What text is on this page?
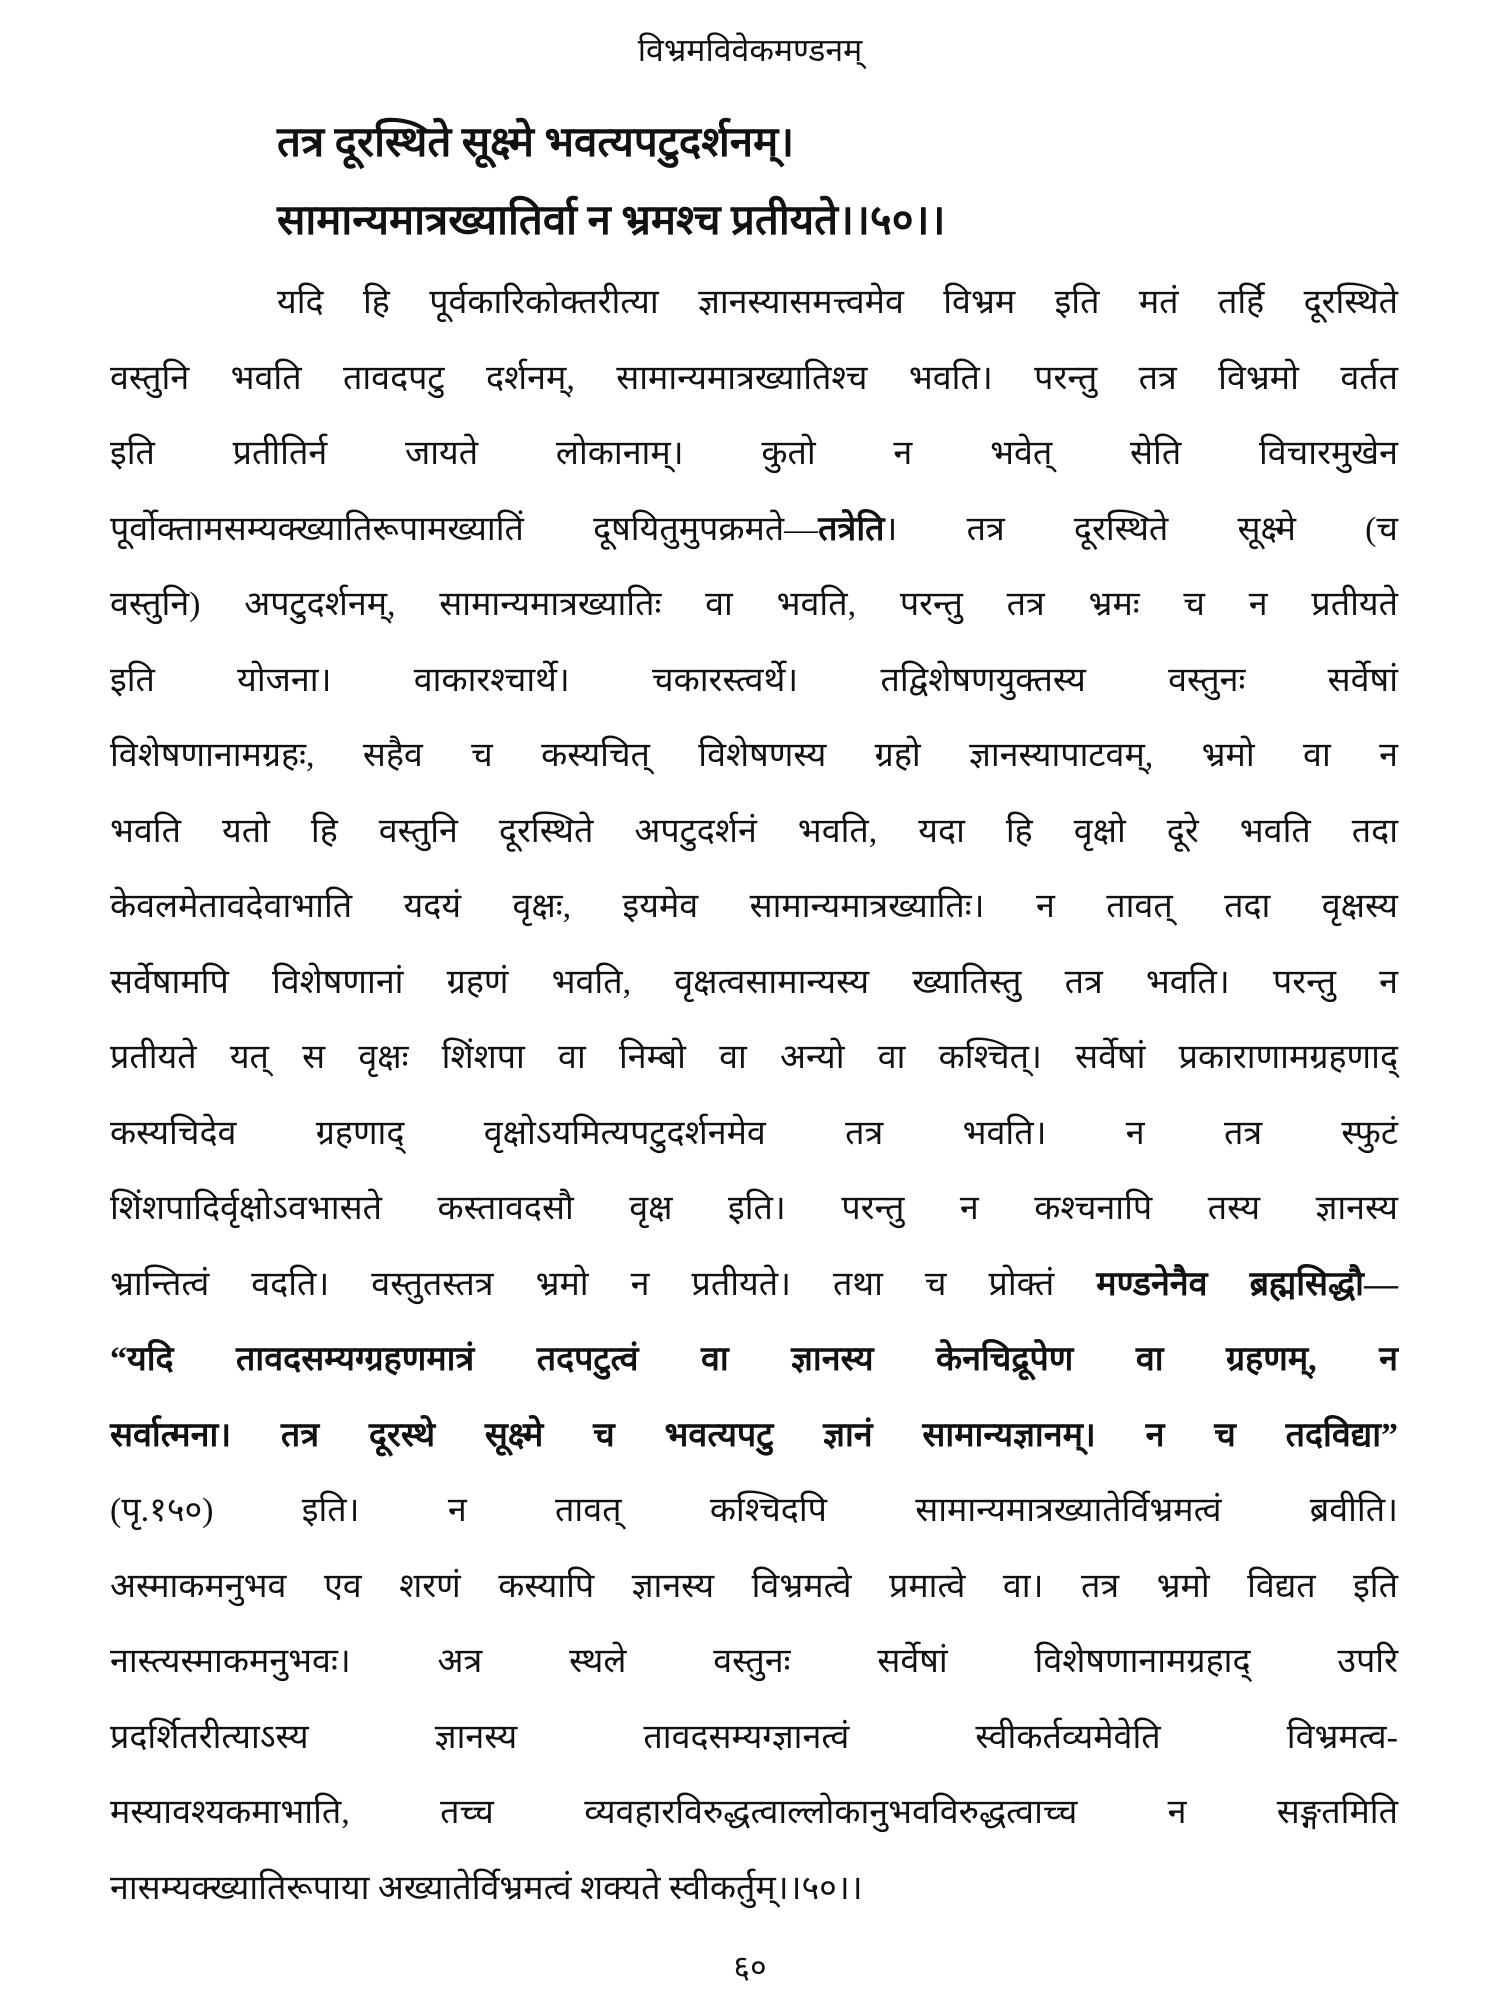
विभ्रमविवेकमण्डनम्
तत्र दूरस्थिते सूक्ष्मे भवत्यपटुदर्शनम्।
सामान्यमात्रख्यातिर्वा न भ्रमश्च प्रतीयते।।५०।।
यदि हि पूर्वकारिकोक्तरीत्या ज्ञानस्यासमत्त्वमेव विभ्रम इति मतं तर्हि दूरस्थिते
वस्तुनि भवति तावदपटु दर्शनम्, सामान्यमात्रख्यातिश्च भवति। परन्तु तत्र विभ्रमो वर्तत
इति प्रतीतिर्न जायते लोकानाम्। कुतो न भवेत् सेति विचारमुखेन
पूर्वोक्तामसम्यक्ख्यातिरूपामख्यातिं दूषयितुमुपक्रमते—तत्रेति। तत्र दूरस्थिते सूक्ष्मे (च
वस्तुनि) अपटुदर्शनम्, सामान्यमात्रख्यातिः वा भवति, परन्तु तत्र भ्रमः च न प्रतीयते
इति योजना। वाकारश्चार्थे। चकारस्त्वर्थे। तद्विशेषणयुक्तस्य वस्तुनः सर्वेषां
विशेषणानामग्रहः, सहैव च कस्यचित् विशेषणस्य ग्रहो ज्ञानस्यापाटवम्, भ्रमो वा न
भवति यतो हि वस्तुनि दूरस्थिते अपटुदर्शनं भवति, यदा हि वृक्षो दूरे भवति तदा
केवलमेतावदेवाभाति यदयं वृक्षः, इयमेव सामान्यमात्रख्यातिः। न तावत् तदा वृक्षस्य
सर्वेषामपि विशेषणानां ग्रहणं भवति, वृक्षत्वसामान्यस्य ख्यातिस्तु तत्र भवति। परन्तु न
प्रतीयते यत् स वृक्षः शिंशपा वा निम्बो वा अन्यो वा कश्चित्। सर्वेषां प्रकाराणामग्रहणाद्
कस्यचिदेव ग्रहणाद् वृक्षोऽयमित्यपटुदर्शनमेव तत्र भवति। न तत्र स्फुटं
शिंशपादिर्वृक्षोऽवभासते कस्तावदसौ वृक्ष इति। परन्तु न कश्चनापि तस्य ज्ञानस्य
भ्रान्तित्वं वदति। वस्तुतस्तत्र भ्रमो न प्रतीयते। तथा च प्रोक्तं मण्डनेनैव ब्रह्मसिद्धौ—
“यदि तावदसम्यग्ग्रहणमात्रं तदपटुत्वं वा ज्ञानस्य केनचिद्रूपेण वा ग्रहणम्, न
सर्वात्मना। तत्र दूरस्थे सूक्ष्मे च भवत्यपटु ज्ञानं सामान्यज्ञानम्। न च तदविद्या”
(पृ.१५०) इति। न तावत् कश्चिदपि सामान्यमात्रख्यातेर्विभ्रमत्वं ब्रवीति।
अस्माकमनुभव एव शरणं कस्यापि ज्ञानस्य विभ्रमत्वे प्रमात्वे वा। तत्र भ्रमो विद्यत इति
नास्त्यस्माकमनुभवः। अत्र स्थले वस्तुनः सर्वेषां विशेषणानामग्रहाद् उपरि
प्रदर्शितरीत्याऽस्य ज्ञानस्य तावदसम्यग्ज्ञानत्वं स्वीकर्तव्यमेवेति विभ्रमत्व-
मस्यावश्यकमाभाति, तच्च व्यवहारविरुद्धत्वाल्लोकानुभवविरुद्धत्वाच्च न सङ्गतमिति
नासम्यक्ख्यातिरूपाया अख्यातेर्विभ्रमत्वं शक्यते स्वीकर्तुम्।।५०।।
६०
